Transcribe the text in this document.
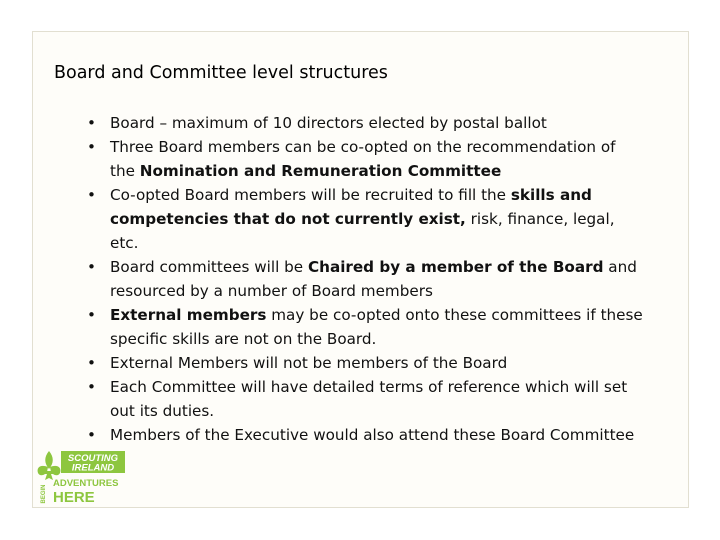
Board and Committee level structures
• Board – maximum of 10 directors elected by postal ballot
• Three Board members can be co-opted on the recommendation of the Nomination and Remuneration Committee
• Co-opted Board members will be recruited to fill the skills and competencies that do not currently exist, risk, finance, legal, etc.
• Board committees will be Chaired by a member of the Board and resourced by a number of Board members
• External members may be co-opted onto these committees if these specific skills are not on the Board.
• External Members will not be members of the Board
• Each Committee will have detailed terms of reference which will set out its duties.
• Members of the Executive would also attend these Board Committee
SCOUTING
IRELAND
BEGIN
ADVENTURES
HERE
